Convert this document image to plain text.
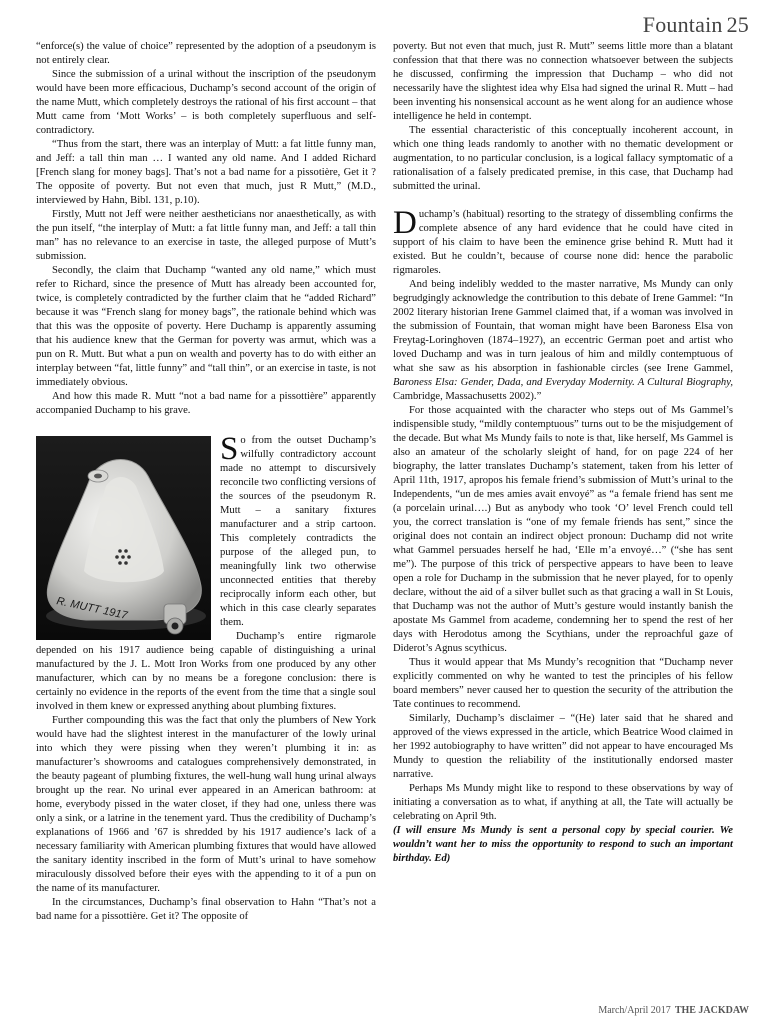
Fountain 25

“enforce(s) the value of choice” represented by the adoption of a pseudonym is not entirely clear.

Since the submission of a urinal without the inscription of the pseudonym would have been more efficacious, Duchamp’s second account of the origin of the name Mutt, which completely destroys the rational of his first account – that Mutt came from ‘Mott Works’ – is both completely superfluous and self-contradictory.

“Thus from the start, there was an interplay of Mutt: a fat little funny man, and Jeff: a tall thin man … I wanted any old name. And I added Richard [French slang for money bags]. That’s not a bad name for a pissotière, Get it ? The opposite of poverty. But not even that much, just R Mutt,” (M.D., interviewed by Hahn, Bibl. 131, p.10).

Firstly, Mutt not Jeff were neither aestheticians nor anaesthetically, as with the pun itself, “the interplay of Mutt: a fat little funny man, and Jeff: a tall thin man” has no relevance to an exercise in taste, the alleged purpose of Mutt’s submission.

Secondly, the claim that Duchamp “wanted any old name,” which must refer to Richard, since the presence of Mutt has already been accounted for, twice, is completely contradicted by the further claim that he “added Richard” because it was “French slang for money bags”, the rationale behind which was that this was the opposite of poverty. Here Duchamp is apparently assuming that his audience knew that the German for poverty was armut, which was a pun on R. Mutt. But what a pun on wealth and poverty has to do with either an interplay between “fat, little funny” and “tall thin”, or an exercise in taste, is not immediately obvious.

And how this made R. Mutt “not a bad name for a pissottière” apparently accompanied Duchamp to his grave.

R. MUTT 1917

So from the outset Duchamp’s wilfully contradictory account made no attempt to discursively reconcile two conflicting versions of the sources of the pseudonym R. Mutt – a sanitary fixtures manufacturer and a strip cartoon. This completely contradicts the purpose of the alleged pun, to meaningfully link two otherwise unconnected entities that thereby reciprocally inform each other, but which in this case clearly separates them.

Duchamp’s entire rigmarole depended on his 1917 audience being capable of distinguishing a urinal manufactured by the J. L. Mott Iron Works from one produced by any other manufacturer, which can by no means be a foregone conclusion: there is certainly no evidence in the reports of the event from the time that a single soul involved in them knew or expressed anything about plumbing fixtures.

Further compounding this was the fact that only the plumbers of New York would have had the slightest interest in the manufacturer of the lowly urinal into which they were pissing when they weren’t plumbing it in: as manufacturer’s showrooms and catalogues comprehensively demonstrated, in the beauty pageant of plumbing fixtures, the well-hung wall hung urinal always brought up the rear. No urinal ever appeared in an American bathroom: at home, everybody pissed in the water closet, if they had one, unless there was only a sink, or a latrine in the tenement yard. Thus the credibility of Duchamp’s explanations of 1966 and ’67 is shredded by his 1917 audience’s lack of a necessary familiarity with American plumbing fixtures that would have allowed the sanitary identity inscribed in the form of Mutt’s urinal to have somehow miraculously dissolved before their eyes with the appending to it of a pun on the name of its manufacturer.

In the circumstances, Duchamp’s final observation to Hahn “That’s not a bad name for a pissottière. Get it? The opposite of

poverty. But not even that much, just R. Mutt” seems little more than a blatant confession that that there was no connection whatsoever between the subjects he discussed, confirming the impression that Duchamp – who did not necessarily have the slightest idea why Elsa had signed the urinal R. Mutt – had been inventing his nonsensical account as he went along for an audience whose intelligence he held in contempt.

The essential characteristic of this conceptually incoherent account, in which one thing leads randomly to another with no thematic development or augmentation, to no particular conclusion, is a logical fallacy symptomatic of a rationalisation of a falsely predicated premise, in this case, that Duchamp had submitted the urinal.

Duchamp’s (habitual) resorting to the strategy of dissembling confirms the complete absence of any hard evidence that he could have cited in support of his claim to have been the eminence grise behind R. Mutt had it existed. But he couldn’t, because of course none did: hence the parabolic rigmaroles.

And being indelibly wedded to the master narrative, Ms Mundy can only begrudgingly acknowledge the contribution to this debate of Irene Gammel: “In 2002 literary historian Irene Gammel claimed that, if a woman was involved in the submission of Fountain, that woman might have been Baroness Elsa von Freytag-Loringhoven (1874–1927), an eccentric German poet and artist who loved Duchamp and was in turn jealous of him and mildly contemptuous of what she saw as his absorption in fashionable circles (see Irene Gammel, Baroness Elsa: Gender, Dada, and Everyday Modernity. A Cultural Biography, Cambridge, Massachusetts 2002).”

For those acquainted with the character who steps out of Ms Gammel’s indispensible study, “mildly contemptuous” turns out to be the misjudgement of the decade. But what Ms Mundy fails to note is that, like herself, Ms Gammel is also an amateur of the scholarly sleight of hand, for on page 224 of her biography, the latter translates Duchamp’s statement, taken from his letter of April 11th, 1917, apropos his female friend’s submission of Mutt’s urinal to the Independents, “un de mes amies avait envoyé” as “a female friend has sent me (a porcelain urinal….) But as anybody who took ‘O’ level French could tell you, the correct translation is “one of my female friends has sent,” since the original does not contain an indirect object pronoun: Duchamp did not write what Gammel persuades herself he had, ‘Elle m’a envoyé…” (“she has sent me”). The purpose of this trick of perspective appears to have been to leave open a role for Duchamp in the submission that he never played, for to openly declare, without the aid of a silver bullet such as that gracing a wall in St Louis, that Duchamp was not the author of Mutt’s gesture would instantly banish the apostate Ms Gammel from academe, condemning her to spend the rest of her days with Herodotus among the Scythians, under the reproachful gaze of Diderot’s Agnus scythicus.

Thus it would appear that Ms Mundy’s recognition that “Duchamp never explicitly commented on why he wanted to test the principles of his fellow board members” never caused her to question the security of the attribution the Tate continues to recommend.

Similarly, Duchamp’s disclaimer – “(He) later said that he shared and approved of the views expressed in the article, which Beatrice Wood claimed in her 1992 autobiography to have written” did not appear to have encouraged Ms Mundy to question the reliability of the institutionally endorsed master narrative.

Perhaps Ms Mundy might like to respond to these observations by way of initiating a conversation as to what, if anything at all, the Tate will actually be celebrating on April 9th.

(I will ensure Ms Mundy is sent a personal copy by special courier. We wouldn’t want her to miss the opportunity to respond to such an important birthday. Ed)

March/April 2017 THE JACKDAW
